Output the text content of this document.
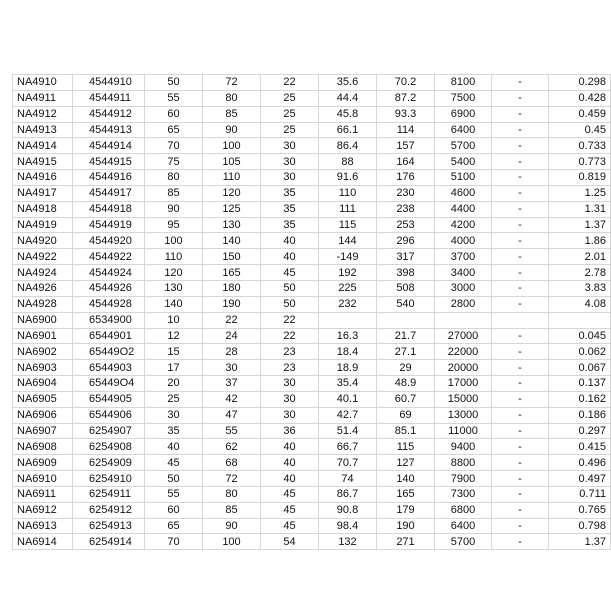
NA4910	4544910	50	72	22	35.6	70.2	8100	-	0.298
NA4911	4544911	55	80	25	44.4	87.2	7500	-	0.428
NA4912	4544912	60	85	25	45.8	93.3	6900	-	0.459
NA4913	4544913	65	90	25	66.1	114	6400	-	0.45
NA4914	4544914	70	100	30	86.4	157	5700	-	0.733
NA4915	4544915	75	105	30	88	164	5400	-	0.773
NA4916	4544916	80	110	30	91.6	176	5100	-	0.819
NA4917	4544917	85	120	35	110	230	4600	-	1.25
NA4918	4544918	90	125	35	111	238	4400	-	1.31
NA4919	4544919	95	130	35	115	253	4200	-	1.37
NA4920	4544920	100	140	40	144	296	4000	-	1.86
NA4922	4544922	110	150	40	-149	317	3700	-	2.01
NA4924	4544924	120	165	45	192	398	3400	-	2.78
NA4926	4544926	130	180	50	225	508	3000	-	3.83
NA4928	4544928	140	190	50	232	540	2800	-	4.08
NA6900	6534900	10	22	22					
NA6901	6544901	12	24	22	16.3	21.7	27000	-	0.045
NA6902	65449O2	15	28	23	18.4	27.1	22000	-	0.062
NA6903	6544903	17	30	23	18.9	29	20000	-	0.067
NA6904	65449O4	20	37	30	35.4	48.9	17000	-	0.137
NA6905	6544905	25	42	30	40.1	60.7	15000	-	0.162
NA6906	6544906	30	47	30	42.7	69	13000	-	0.186
NA6907	6254907	35	55	36	51.4	85.1	11000	-	0.297
NA6908	6254908	40	62	40	66.7	115	9400	-	0.415
NA6909	6254909	45	68	40	70.7	127	8800	-	0.496
NA6910	6254910	50	72	40	74	140	7900	-	0.497
NA6911	6254911	55	80	45	86.7	165	7300	-	0.711
NA6912	6254912	60	85	45	90.8	179	6800	-	0.765
NA6913	6254913	65	90	45	98.4	190	6400	-	0.798
NA6914	6254914	70	100	54	132	271	5700	-	1.37
